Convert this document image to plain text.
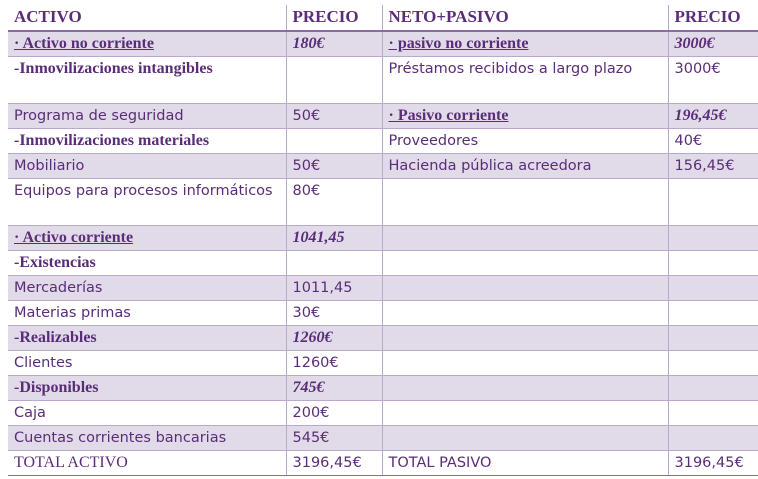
ACTIVO	PRECIO	NETO+PASIVO	PRECIO
· Activo no corriente	180€	· pasivo no corriente	3000€
-Inmovilizaciones intangibles		Préstamos recibidos a largo plazo	3000€
Programa de seguridad	50€	· Pasivo corriente	196,45€
-Inmovilizaciones materiales		Proveedores	40€
Mobiliario	50€	Hacienda pública acreedora	156,45€
Equipos para procesos informáticos	80€		
· Activo corriente	1041,45		
-Existencias			
Mercaderías	1011,45		
Materias primas	30€		
-Realizables	1260€		
Clientes	1260€		
-Disponibles	745€		
Caja	200€		
Cuentas corrientes bancarias	545€		
TOTAL ACTIVO	3196,45€	TOTAL PASIVO	3196,45€
